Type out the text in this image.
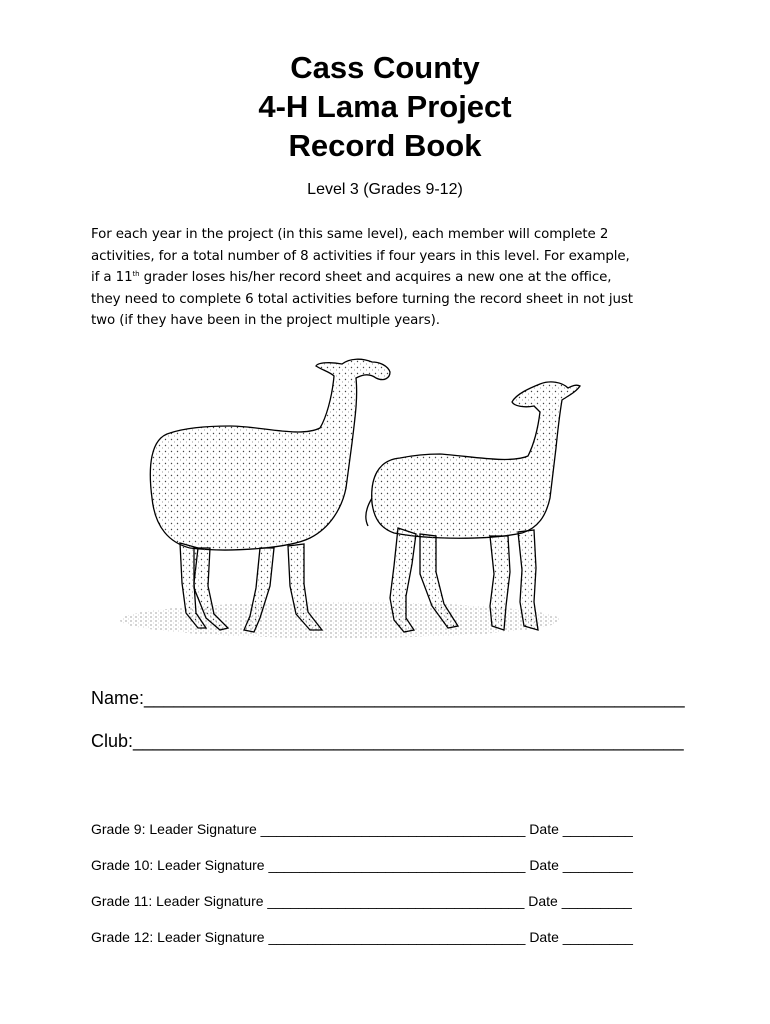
Cass County
4-H Lama Project
Record Book
Level 3 (Grades 9-12)

For each year in the project (in this same level), each member will complete 2

activities, for a total number of 8 activities if four years in this level. For example,

if a 11th grader loses his/her record sheet and acquires a new one at the office,

they need to complete 6 total activities before turning the record sheet in not just

two (if they have been in the project multiple years).

Name:______________________________________________________
Club:_______________________________________________________
Grade 9: Leader Signature __________________________________ Date _________
Grade 10: Leader Signature _________________________________ Date _________
Grade 11: Leader Signature _________________________________ Date _________
Grade 12: Leader Signature _________________________________ Date _________
